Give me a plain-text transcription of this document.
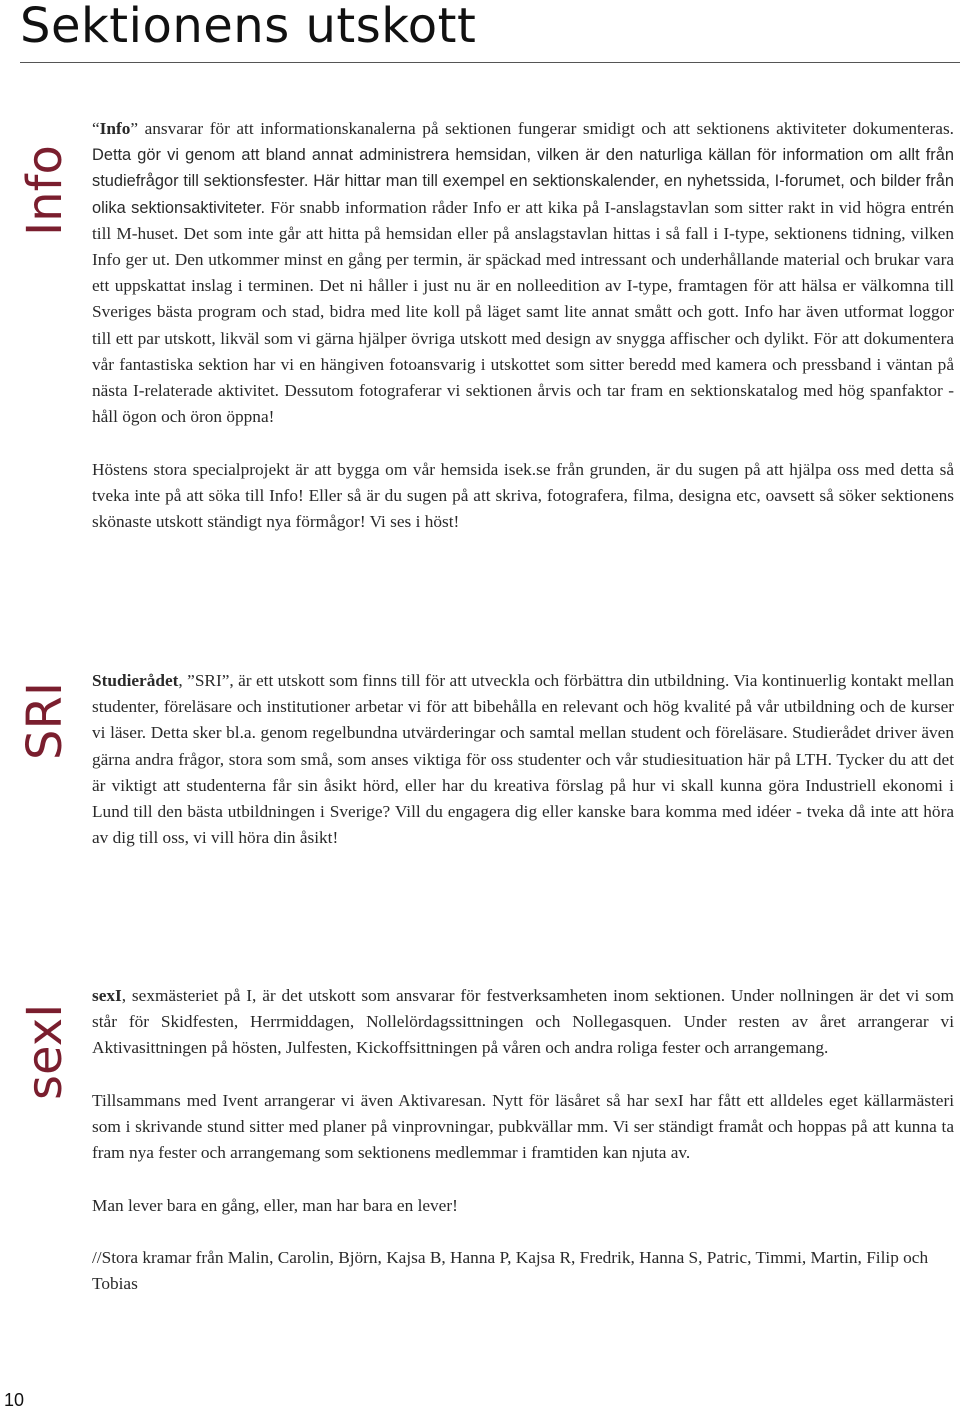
Sektionens utskott
Info

“Info” ansvarar för att informationskanalerna på sektionen fungerar smidigt och att sektionens aktiviteter dokumenteras. Detta gör vi genom att bland annat administrera hemsidan, vilken är den naturliga källan för information om allt från studiefrågor till sektionsfester. Här hittar man till exempel en sektionskalender, en nyhetssida, I-forumet, och bilder från olika sektionsaktiviteter. För snabb information råder Info er att kika på I-anslagstavlan som sitter rakt in vid högra entrén till M-huset. Det som inte går att hitta på hemsidan eller på anslagstavlan hittas i så fall i I-type, sektionens tidning, vilken Info ger ut. Den utkommer minst en gång per termin, är späckad med intressant och underhållande material och brukar vara ett uppskattat inslag i terminen. Det ni håller i just nu är en nolleedition av I-type, framtagen för att hälsa er välkomna till Sveriges bästa program och stad, bidra med lite koll på läget samt lite annat smått och gott. Info har även utformat loggor till ett par utskott, likväl som vi gärna hjälper övriga utskott med design av snygga affischer och dylikt. För att dokumentera vår fantastiska sektion har vi en hängiven fotoansvarig i utskottet som sitter beredd med kamera och pressband i väntan på nästa I-relaterade aktivitet. Dessutom fotograferar vi sektionen årvis och tar fram en sektionskatalog med hög spanfaktor - håll ögon och öron öppna!

Höstens stora specialprojekt är att bygga om vår hemsida isek.se från grunden, är du sugen på att hjälpa oss med detta så tveka inte på att söka till Info! Eller så är du sugen på att skriva, fotografera, filma, designa etc, oavsett så söker sektionens skönaste utskott ständigt nya förmågor! Vi ses i höst!

SRI

Studierådet, ”SRI”, är ett utskott som finns till för att utveckla och förbättra din utbildning. Via kontinuerlig kontakt mellan studenter, föreläsare och institutioner arbetar vi för att bibehålla en relevant och hög kvalité på vår utbildning och de kurser vi läser. Detta sker bl.a. genom regelbundna utvärderingar och samtal mellan student och föreläsare. Studierådet driver även gärna andra frågor, stora som små, som anses viktiga för oss studenter och vår studiesituation här på LTH. Tycker du att det är viktigt att studenterna får sin åsikt hörd, eller har du kreativa förslag på hur vi skall kunna göra Industriell ekonomi i Lund till den bästa utbildningen i Sverige? Vill du engagera dig eller kanske bara komma med idéer - tveka då inte att höra av dig till oss, vi vill höra din åsikt!

sexI

sexI, sexmästeriet på I, är det utskott som ansvarar för festverksamheten inom sektionen. Under nollningen är det vi som står för Skidfesten, Herrmiddagen, Nollelördagssittningen och Nollegasquen. Under resten av året arrangerar vi Aktivasittningen på hösten, Julfesten, Kickoffsittningen på våren och andra roliga fester och arrangemang.

Tillsammans med Ivent arrangerar vi även Aktivaresan. Nytt för läsåret så har sexI har fått ett alldeles eget källarmästeri som i skrivande stund sitter med planer på vinprovningar, pubkvällar mm. Vi ser ständigt framåt och hoppas på att kunna ta fram nya fester och arrangemang som sektionens medlemmar i framtiden kan njuta av.

Man lever bara en gång, eller, man har bara en lever!

//Stora kramar från Malin, Carolin, Björn, Kajsa B, Hanna P, Kajsa R, Fredrik, Hanna S, Patric, Timmi, Martin, Filip och Tobias

10
